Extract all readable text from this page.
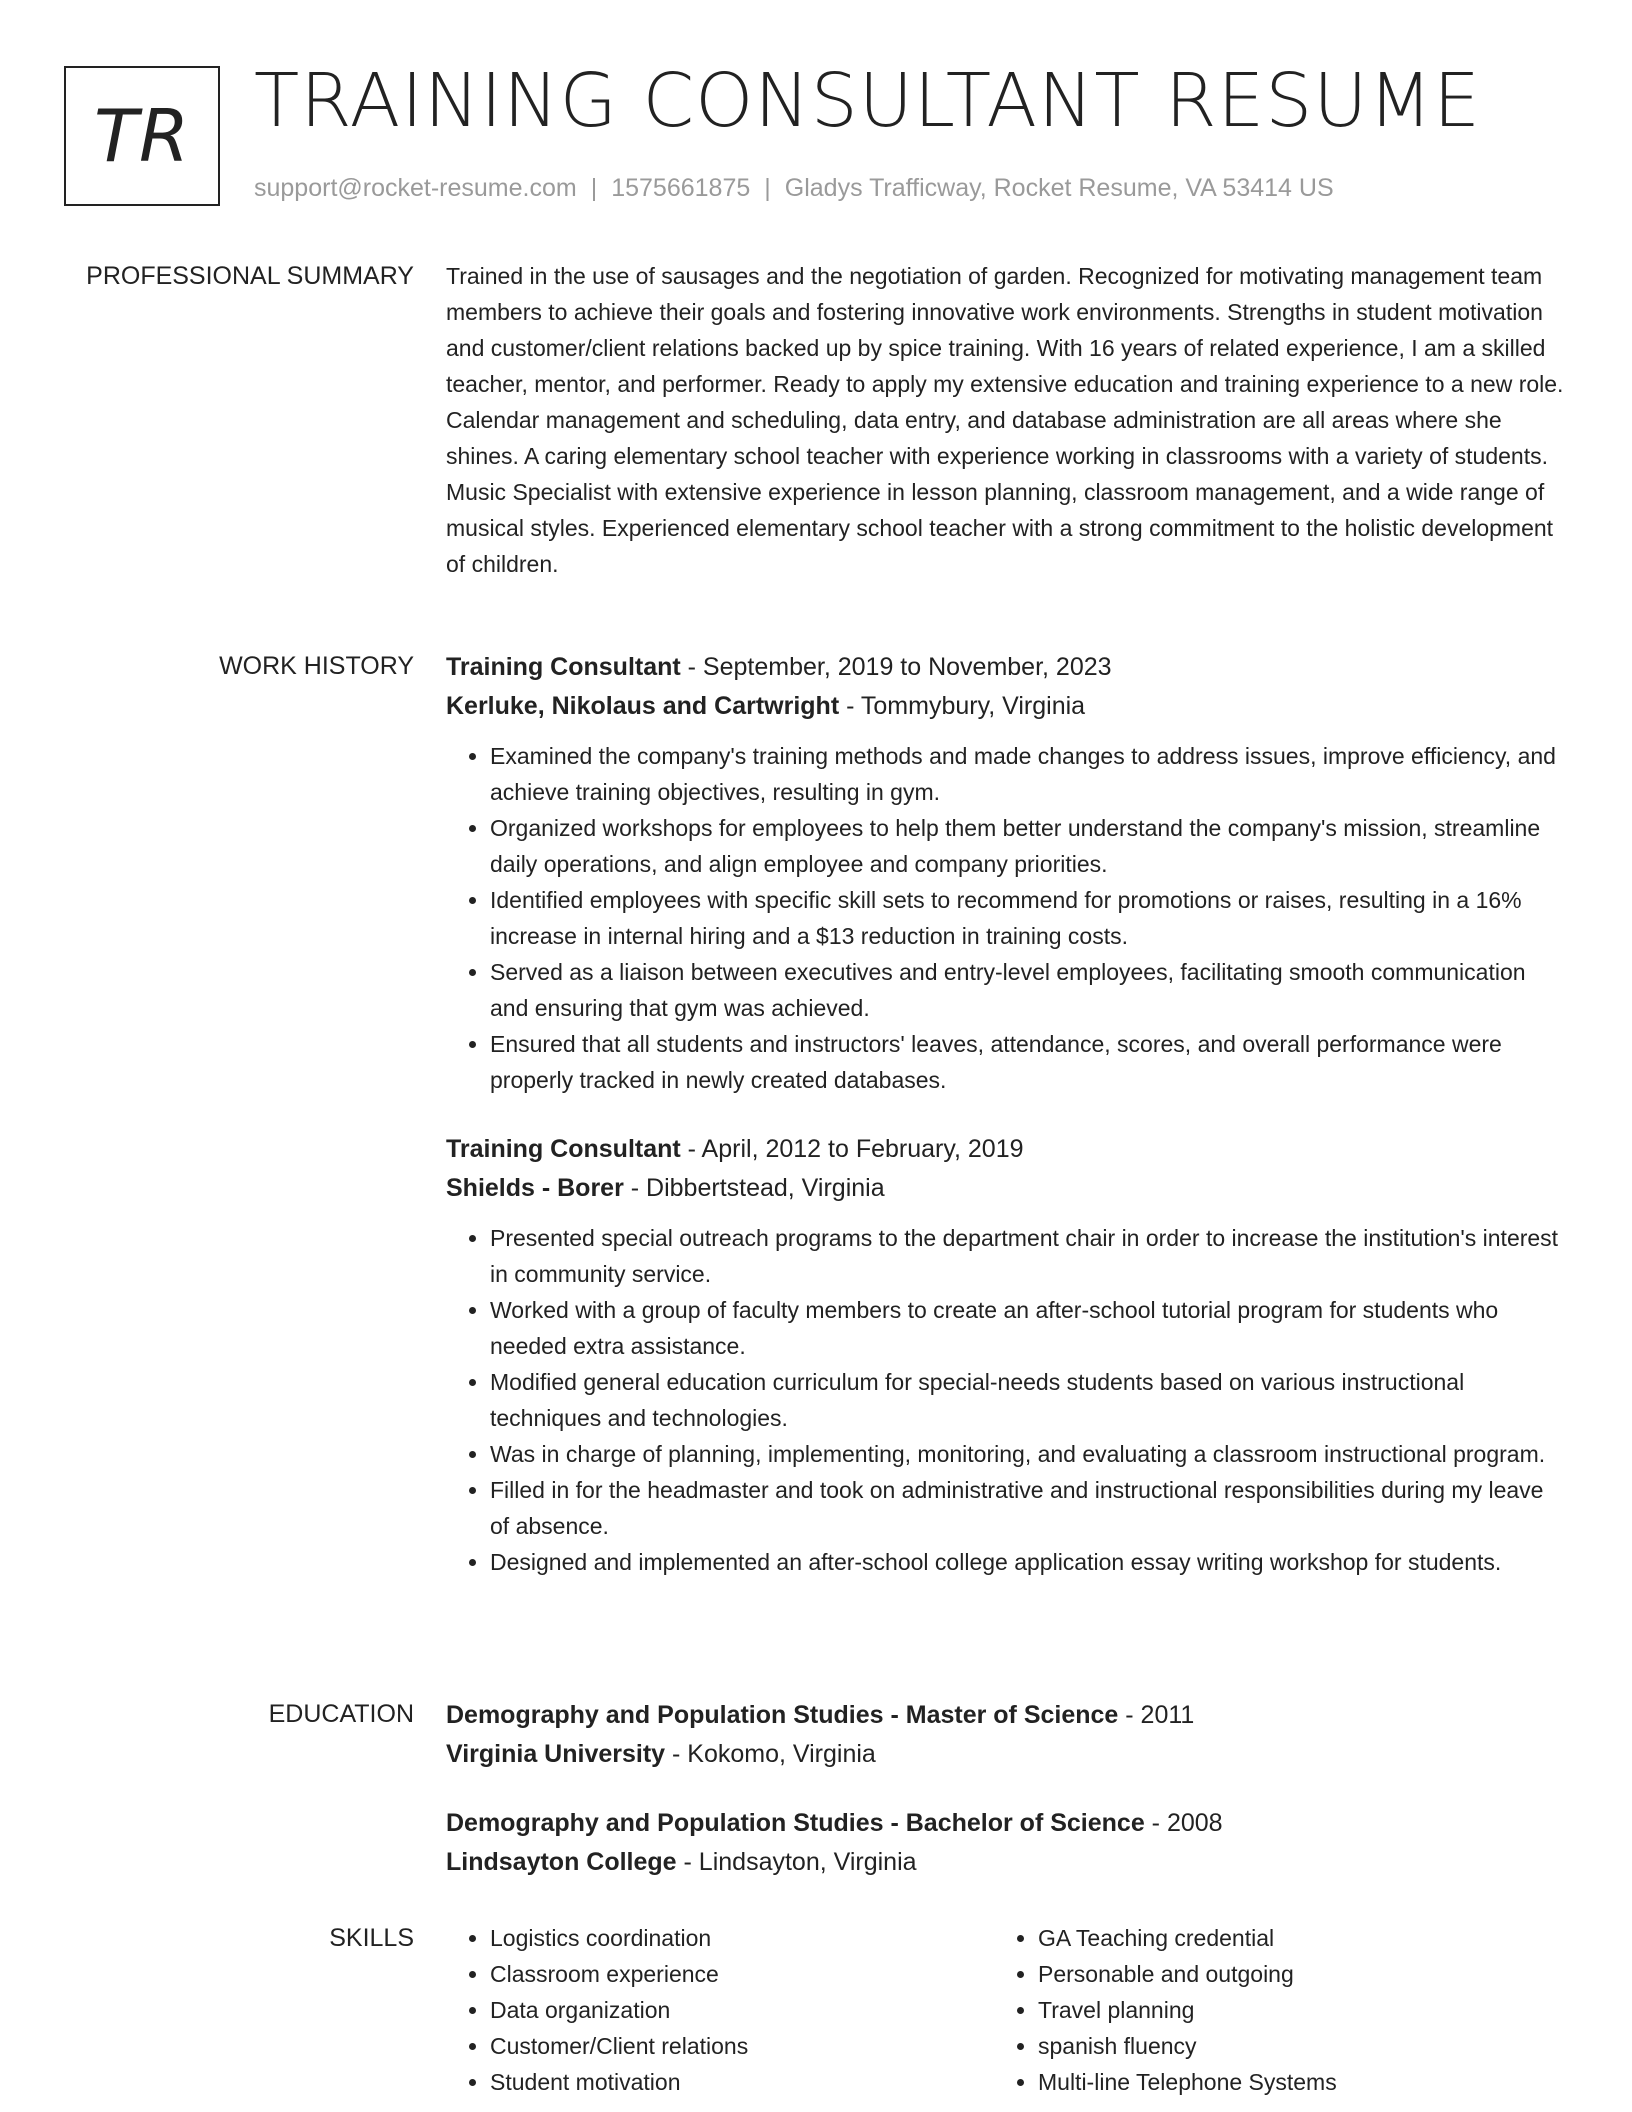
TR TRAINING CONSULTANT RESUME
support@rocket-resume.com | 1575661875 | Gladys Trafficway, Rocket Resume, VA 53414 US
PROFESSIONAL SUMMARY Trained in the use of sausages and the negotiation of garden. Recognized for motivating management team members to achieve their goals and fostering innovative work environments. Strengths in student motivation and customer/client relations backed up by spice training. With 16 years of related experience, I am a skilled teacher, mentor, and performer. Ready to apply my extensive education and training experience to a new role. Calendar management and scheduling, data entry, and database administration are all areas where she shines. A caring elementary school teacher with experience working in classrooms with a variety of students. Music Specialist with extensive experience in lesson planning, classroom management, and a wide range of musical styles. Experienced elementary school teacher with a strong commitment to the holistic development of children.

WORK HISTORY Training Consultant - September, 2019 to November, 2023
Kerluke, Nikolaus and Cartwright - Tommybury, Virginia
• Examined the company's training methods and made changes to address issues, improve efficiency, and achieve training objectives, resulting in gym.
• Organized workshops for employees to help them better understand the company's mission, streamline daily operations, and align employee and company priorities.
• Identified employees with specific skill sets to recommend for promotions or raises, resulting in a 16% increase in internal hiring and a $13 reduction in training costs.
• Served as a liaison between executives and entry-level employees, facilitating smooth communication and ensuring that gym was achieved.
• Ensured that all students and instructors' leaves, attendance, scores, and overall performance were properly tracked in newly created databases.
Training Consultant - April, 2012 to February, 2019
Shields - Borer - Dibbertstead, Virginia
• Presented special outreach programs to the department chair in order to increase the institution's interest in community service.
• Worked with a group of faculty members to create an after-school tutorial program for students who needed extra assistance.
• Modified general education curriculum for special-needs students based on various instructional techniques and technologies.
• Was in charge of planning, implementing, monitoring, and evaluating a classroom instructional program.
• Filled in for the headmaster and took on administrative and instructional responsibilities during my leave of absence.
• Designed and implemented an after-school college application essay writing workshop for students.
EDUCATION Demography and Population Studies - Master of Science - 2011
Virginia University - Kokomo, Virginia
Demography and Population Studies - Bachelor of Science - 2008
Lindsayton College - Lindsayton, Virginia
SKILLS
•	Logistics coordination
• Classroom experience
• Data organization
• Customer/Client relations
• Student motivation
• GA Teaching credential
• Personable and outgoing
• Travel planning
• spanish fluency
• Multi-line Telephone Systems
